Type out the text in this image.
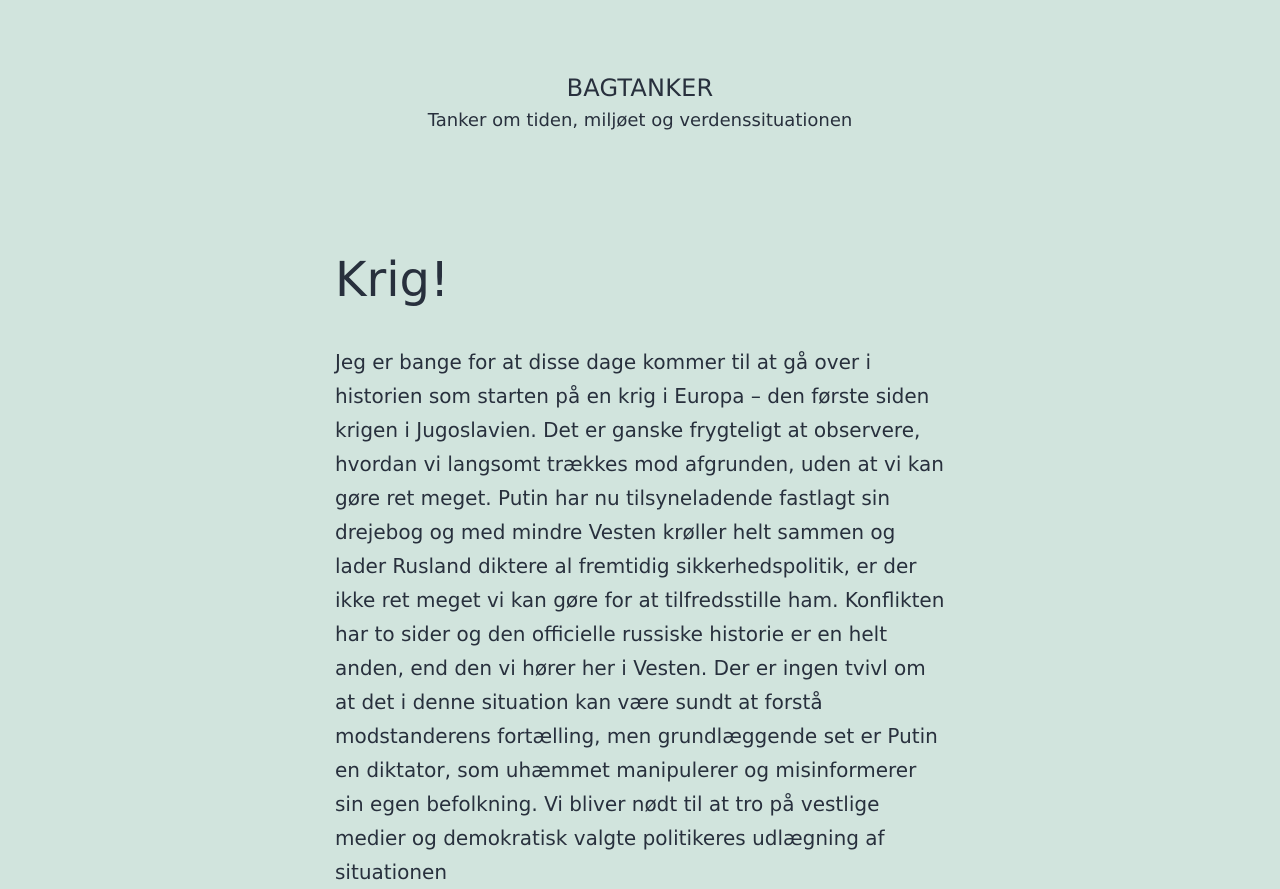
BAGTANKER

Tanker om tiden, miljøet og verdenssituationen

Krig!

Jeg er bange for at disse dage kommer til at gå over i historien som starten på en krig i Europa – den første siden krigen i Jugoslavien. Det er ganske frygteligt at observere, hvordan vi langsomt trækkes mod afgrunden, uden at vi kan gøre ret meget. Putin har nu tilsyneladende fastlagt sin drejebog og med mindre Vesten krøller helt sammen og lader Rusland diktere al fremtidig sikkerhedspolitik, er der ikke ret meget vi kan gøre for at tilfredsstille ham. Konflikten har to sider og den officielle russiske historie er en helt anden, end den vi hører her i Vesten. Der er ingen tvivl om at det i denne situation kan være sundt at forstå modstanderens fortælling, men grundlæggende set er Putin en diktator, som uhæmmet manipulerer og misinformerer sin egen befolkning. Vi bliver nødt til at tro på vestlige medier og demokratisk valgte politikeres udlægning af situationen
